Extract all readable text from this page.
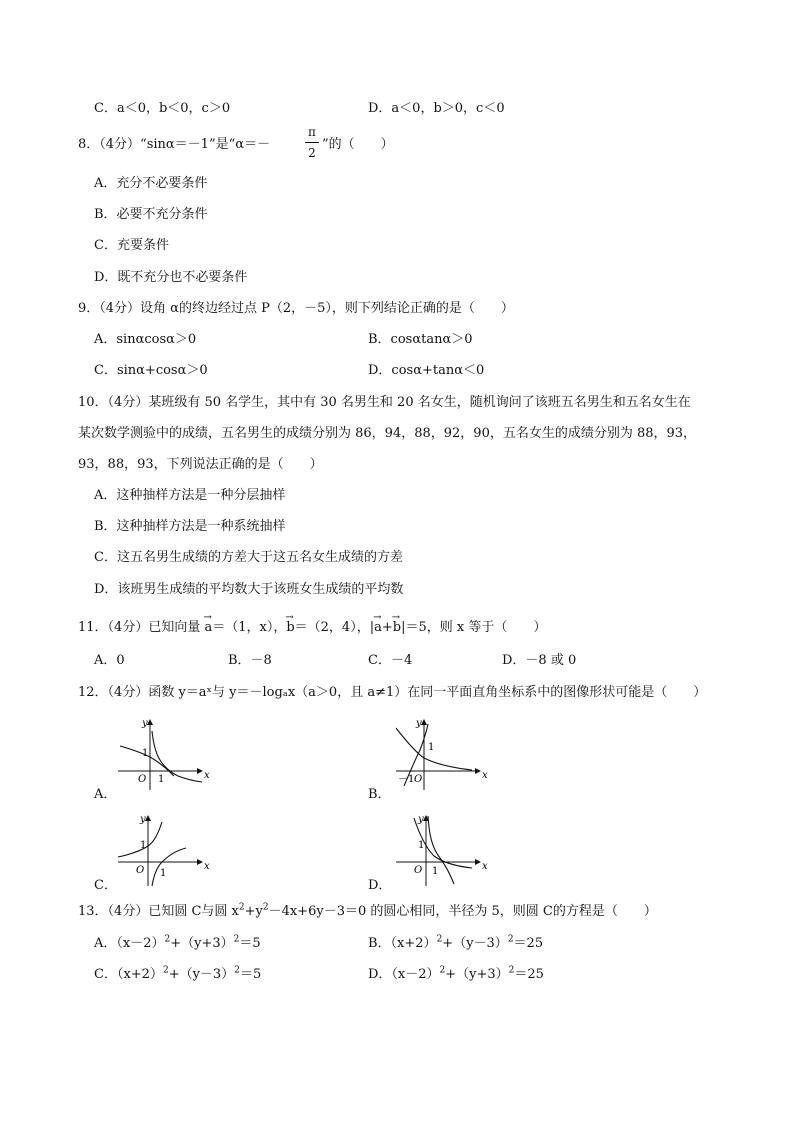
C．a＜0，b＜0，c＞0	D．a＜0，b＞0，c＜0
8．（4分）“sinα＝－1”是“α＝－
π
2
”的（　　）
A．充分不必要条件
B．必要不充分条件
C．充要条件
D．既不充分也不必要条件
9．（4分）设角 α的终边经过点 P（2，－5），则下列结论正确的是（　　）
A．sinαcosα＞0	B．cosαtanα＞0
C．sinα+cosα＞0	D．cosα+tanα＜0
10．（4分）某班级有 50 名学生，其中有 30 名男生和 20 名女生，随机询问了该班五名男生和五名女生在
某次数学测验中的成绩，五名男生的成绩分别为 86，94，88，92，90，五名女生的成绩分别为 88，93，
93，88，93，下列说法正确的是（　　）
A．这种抽样方法是一种分层抽样
B．这种抽样方法是一种系统抽样
C．这五名男生成绩的方差大于这五名女生成绩的方差
D．该班男生成绩的平均数大于该班女生成绩的平均数
11．（4分）已知向量 → a＝（1，x），→ b＝（2，4），|→ a+→ b|＝5，则 x 等于（　　）
A．0	B．－8	C．－4	D．－8 或 0
12．（4分）函数 y＝aˣ与 y＝－logₐx（a＞0，且 a≠1）在同一平面直角坐标系中的图像形状可能是（　　）
y
x
O
1
1
A．
y
x
O
1
－1
B．
y
x
O
1
1
C．
y
x
O
1
1
D．
13．（4分）已知圆 C与圆 $x^2+y^2-4x+6y-3=0$ 的圆心相同，半径为 5，则圆 C的方程是（　　）
A．$(x-2)^2+(y+3)^2=5$	B．$(x+2)^2+(y-3)^2=25$
C．$(x+2)^2+(y-3)^2=5$	D．$(x-2)^2+(y+3)^2=25$
